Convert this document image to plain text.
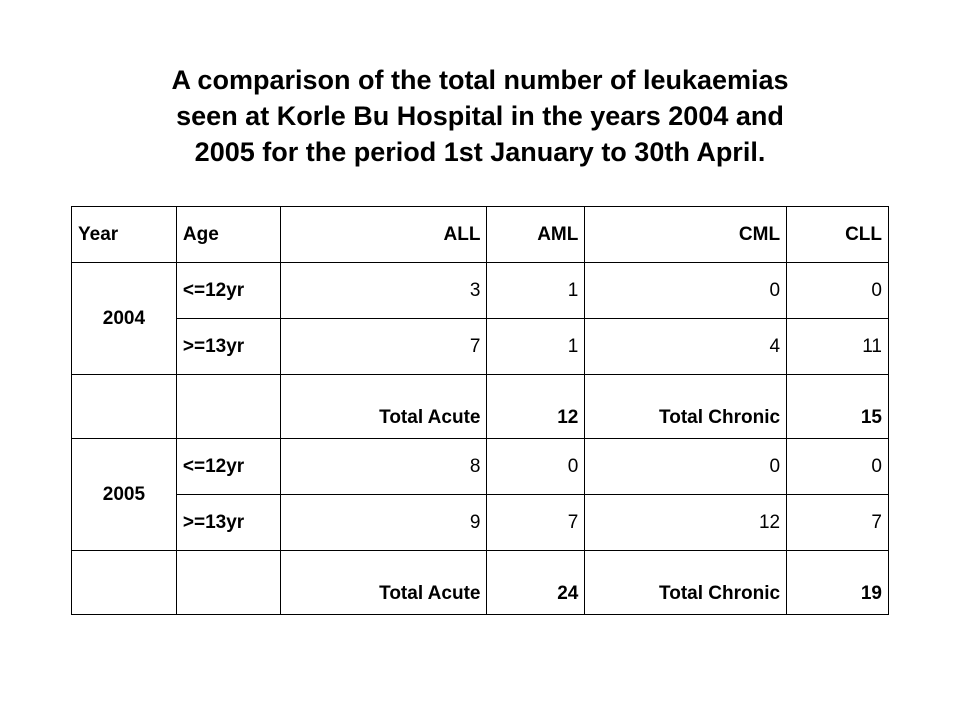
A comparison of the total number of leukaemias
seen at Korle Bu Hospital in the years 2004 and
2005 for the period 1st January to 30th April.
Year	Age	ALL	AML	CML	CLL
2004	<=12yr	3	1	0	0
	>=13yr	7	1	4	11
		Total Acute	12	Total Chronic	15
2005	<=12yr	8	0	0	0
	>=13yr	9	7	12	7
		Total Acute	24	Total Chronic	19
